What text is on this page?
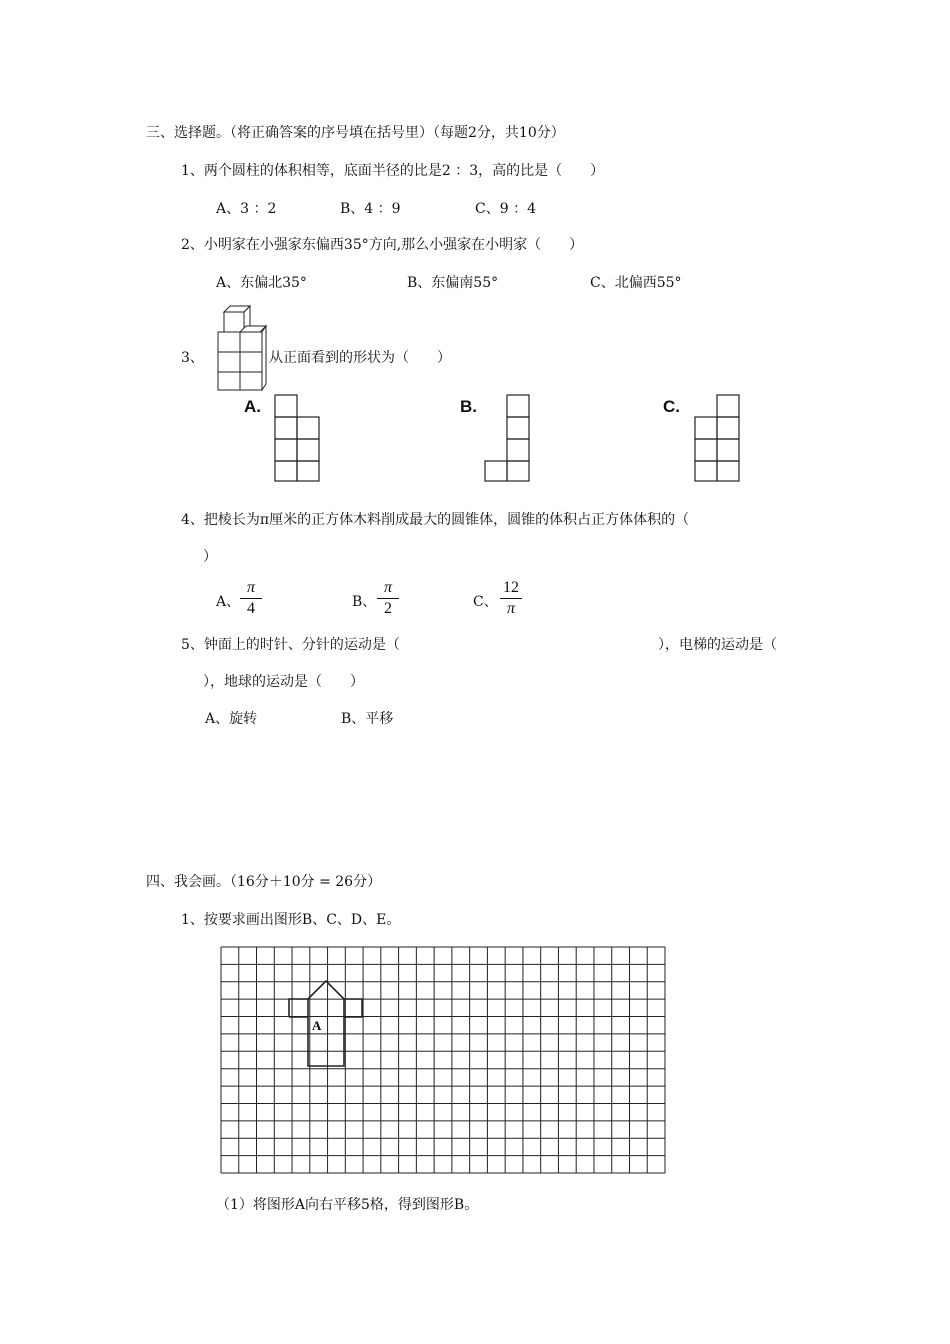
三、选择题。（将正确答案的序号填在括号里）（每题2分，共10分）
1、两个圆柱的体积相等，底面半径的比是2 ：3，高的比是（　　）
A、3 ：2	B、4 ：9	C、9 ：4
2、小明家在小强家东偏西35°方向,那么小强家在小明家（　　）
A、东偏北35°	B、东偏南55°	C、北偏西55°
3、	从正面看到的形状为（　　）
A.	B.	C.
4、把棱长为π厘米的正方体木料削成最大的圆锥体，圆锥的体积占正方体体积的（
）
A、
π
4	B、
π
2	C、
12
π
5、钟面上的时针、分针的运动是（	），电梯的运动是（
），地球的运动是（　　）
A、旋转	B、平移
四、我会画。（16分＋10分 = 26分）
1、按要求画出图形B、C、D、E。
A
（1）将图形A向右平移5格，得到图形B。
